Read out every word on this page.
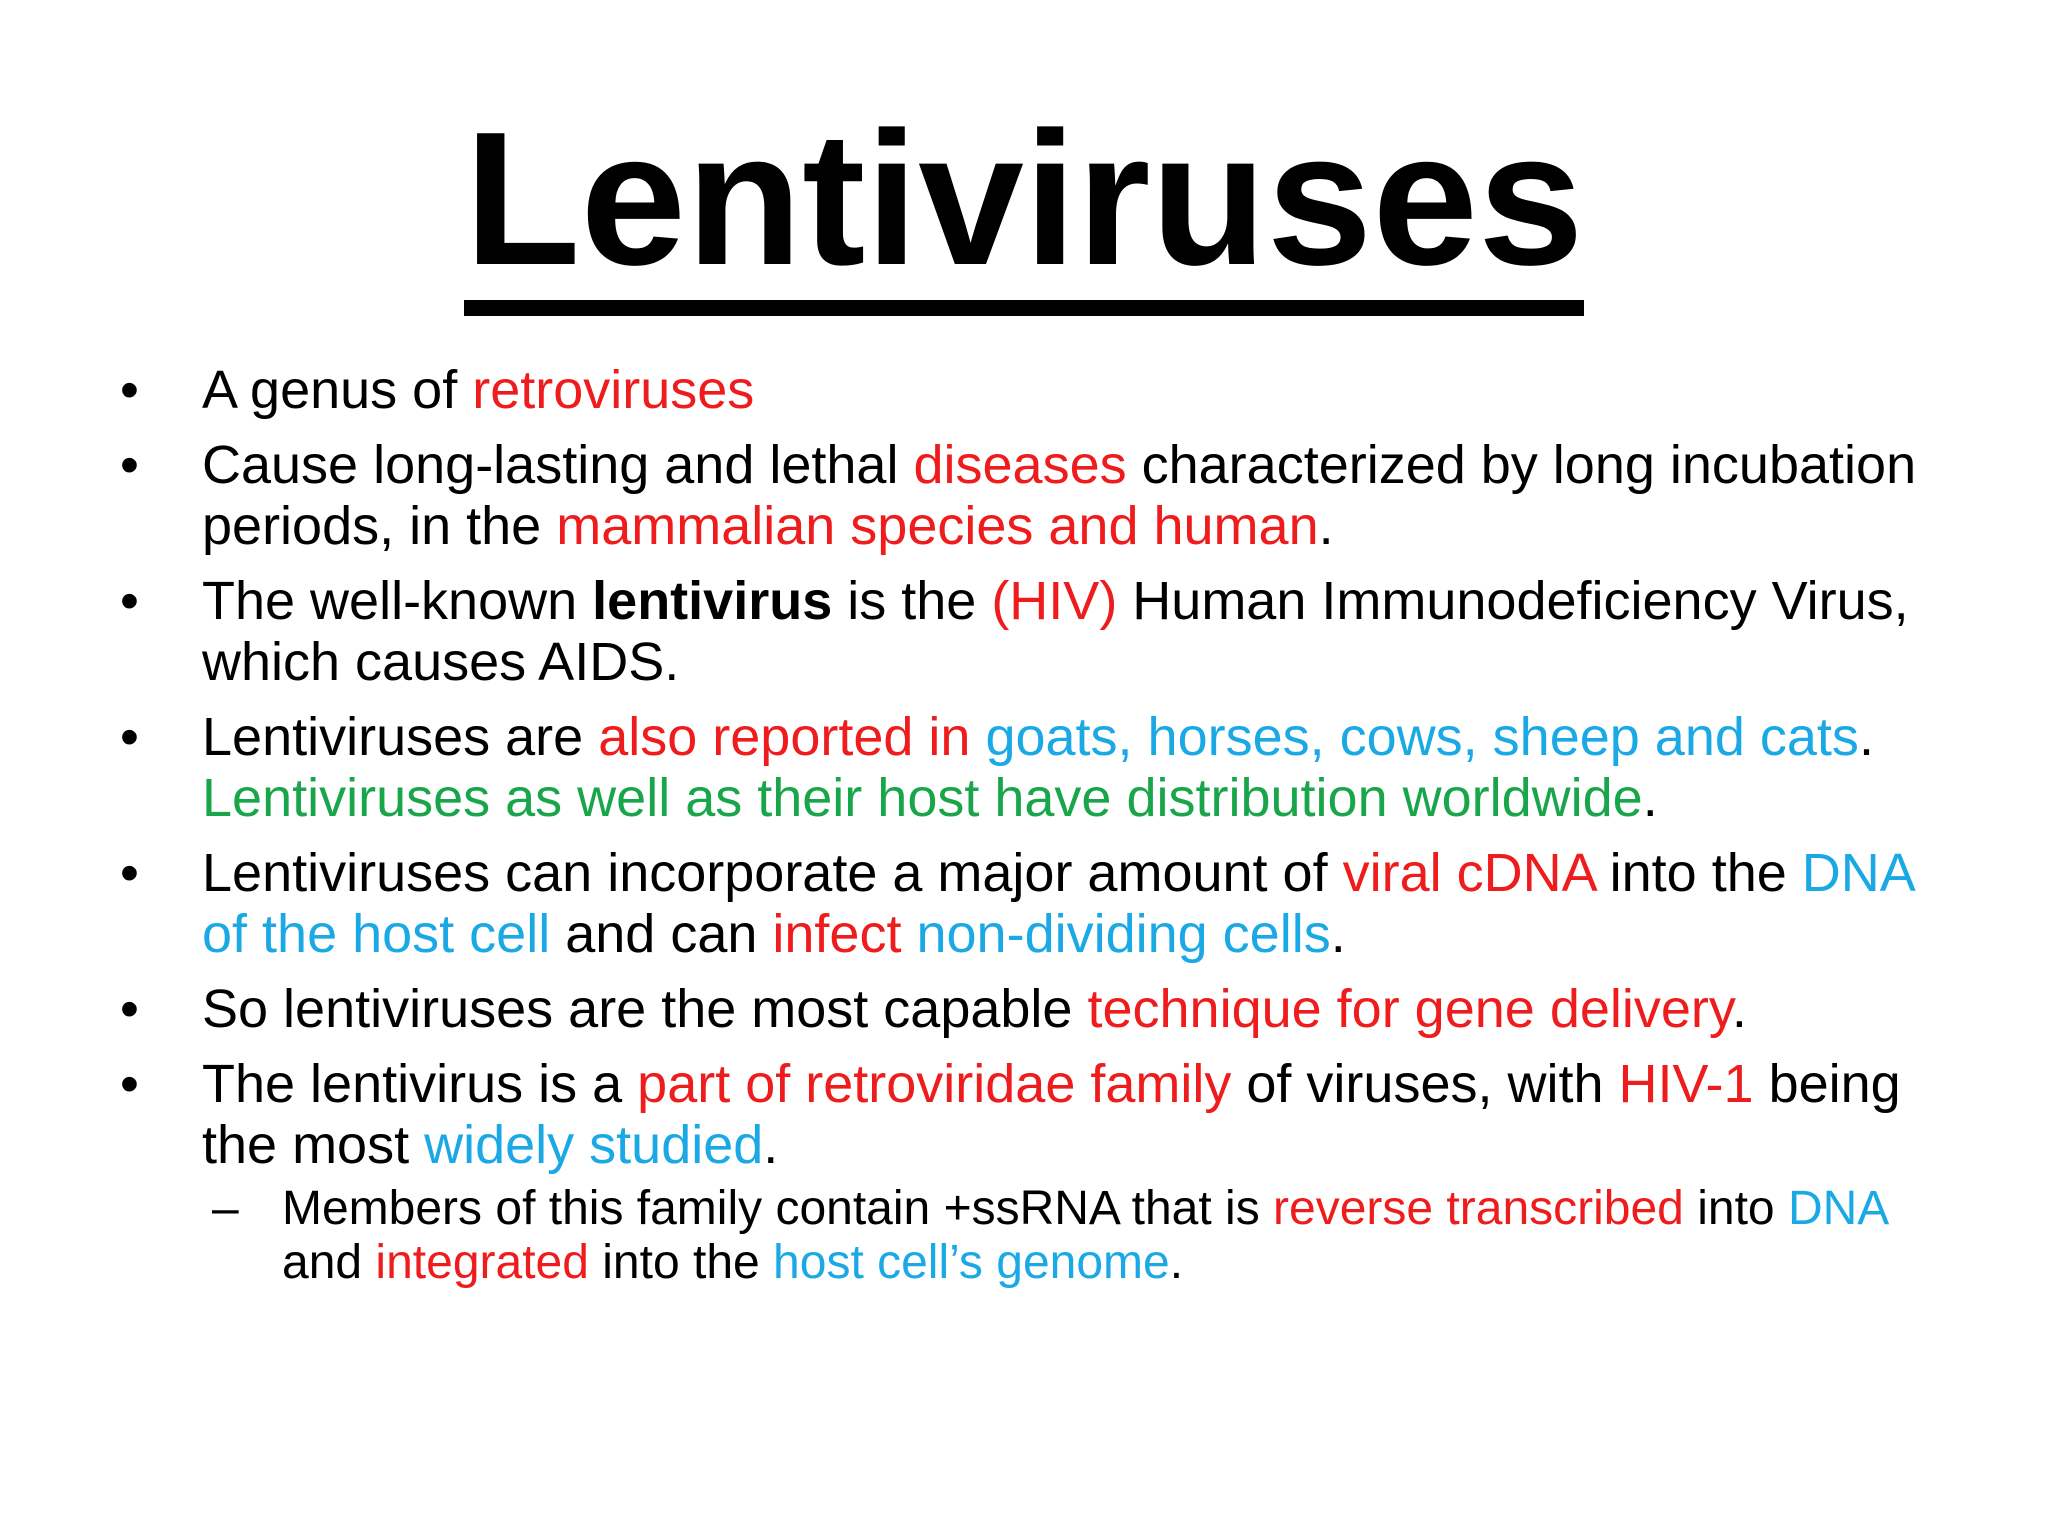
Lentiviruses
•	A genus of retroviruses
•	Cause long-lasting and lethal diseases characterized by long incubation periods, in the mammalian species and human.
•	The well-known lentivirus is the (HIV) Human Immunodeficiency Virus, which causes AIDS.
•	Lentiviruses are also reported in goats, horses, cows, sheep and cats. Lentiviruses as well as their host have distribution worldwide.
•	Lentiviruses can incorporate a major amount of viral cDNA into the DNA of the host cell and can infect non-dividing cells.
•	So lentiviruses are the most capable technique for gene delivery.
•	The lentivirus is a part of retroviridae family of viruses, with HIV-1 being the most widely studied.
– Members of this family contain +ssRNA that is reverse transcribed into DNA and integrated into the host cell’s genome.
